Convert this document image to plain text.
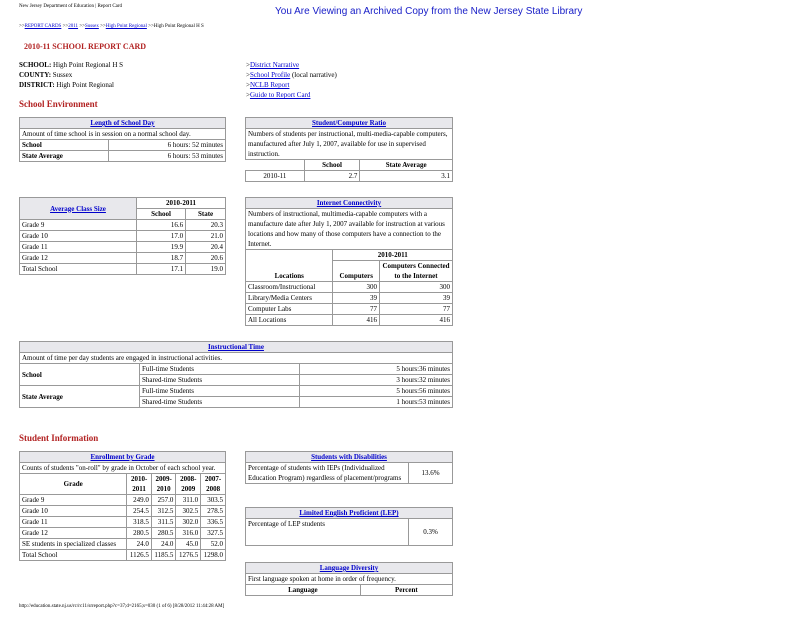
New Jersey Department of Education | Report Card	You Are Viewing an Archived Copy from the New Jersey State Library
>>REPORT CARDS >>2011 >>Sussex >>High Point Regional >>High Point Regional H S
2010-11 SCHOOL REPORT CARD
SCHOOL: High Point Regional H S
COUNTY: Sussex
DISTRICT: High Point Regional
>District Narrative
>School Profile (local narrative)
>NCLB Report
>Guide to Report Card
School Environment
Length of School Day	
Amount of time school is in session on a normal school day.	
School	6 hours: 52 minutes
State Average	6 hours: 53 minutes
Student/Computer Ratio		
Numbers of students per instructional, multi-media-capable computers, manufactured after July 1, 2007, available for use in supervised instruction.		
	School	State Average
2010-11	2.7	3.1
Average Class Size	2010-2011	
	School	State
Grade 9	16.6	20.3
Grade 10	17.0	21.0
Grade 11	19.9	20.4
Grade 12	18.7	20.6
Total School	17.1	19.0
Internet Connectivity		
Numbers of instructional, multimedia-capable computers with a manufacture date after July 1, 2007 available for instruction at various locations and how many of those computers have a connection to the Internet.		
Locations	2010-2011	
	Computers	Computers Connected to the Internet
Classroom/Instructional	300	300
Library/Media Centers	39	39
Computer Labs	77	77
All Locations	416	416
Instructional Time		
Amount of time per day students are engaged in instructional activities.		
School	Full-time Students	5 hours:36 minutes
	Shared-time Students	3 hours:32 minutes
State Average	Full-time Students	5 hours:56 minutes
	Shared-time Students	1 hours:53 minutes
Student Information
Enrollment by Grade				
Counts of students "on-roll" by grade in October of each school year.				
Grade	2010-2011	2009-2010	2008-2009	2007-2008
Grade 9	249.0	257.0	311.0	303.5
Grade 10	254.5	312.5	302.5	278.5
Grade 11	318.5	311.5	302.0	336.5
Grade 12	280.5	280.5	316.0	327.5
SE students in specialized classes	24.0	24.0	45.0	52.0
Total School	1126.5	1185.5	1276.5	1298.0
Students with Disabilities
Percentage of students with IEPs (Individualized Education Program) regardless of placement/programs	13.6%
Limited English Proficient (LEP)
Percentage of LEP students	0.3%
Language Diversity
First language spoken at home in order of frequency.
Language	Percent
http://education.state.nj.us/rc/rc11/srreport.php?c=37;d=2165;s=030 (1 of 6) [8/28/2012 11:44:28 AM]
